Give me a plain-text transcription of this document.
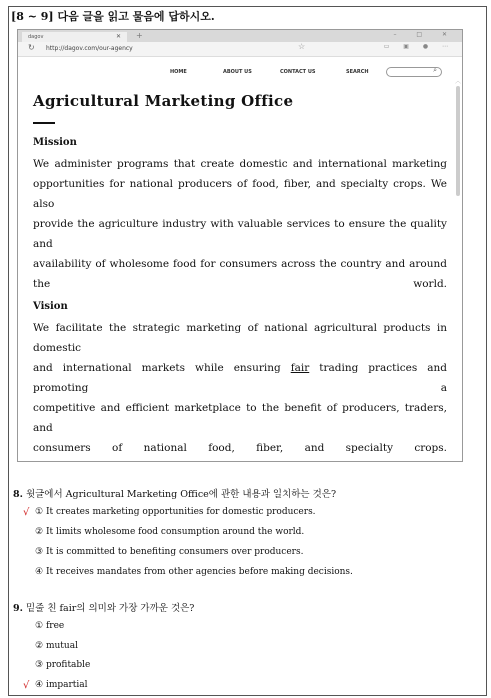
[8 ~ 9] 다음 글을 읽고 물음에 답하시오.
dagov	✕ +	– □ ✕
↻ http://dagov.com/our-agency	☆	▭ ▣ ● ⋯
HOME	ABOUT US	CONTACT US	SEARCH	⌕
︿
Agricultural Marketing Office
Mission

We administer programs that create domestic and international marketing
opportunities for national producers of food, fiber, and specialty crops. We also
provide the agriculture industry with valuable services to ensure the quality and
availability of wholesome food for consumers across the country and around the world.

Vision

We facilitate the strategic marketing of national agricultural products in domestic
and international markets while ensuring fair trading practices and promoting a
competitive and efficient marketplace to the benefit of producers, traders, and
consumers of national food, fiber, and specialty crops.

8. 윗글에서 Agricultural Marketing Office에 관한 내용과 일치하는 것은?
√ ① It creates marketing opportunities for domestic producers.
② It limits wholesome food consumption around the world.
③ It is committed to benefiting consumers over producers.
④ It receives mandates from other agencies before making decisions.
9. 밑줄 친 fair의 의미와 가장 가까운 것은?
① free
② mutual
③ profitable
√ ④ impartial
